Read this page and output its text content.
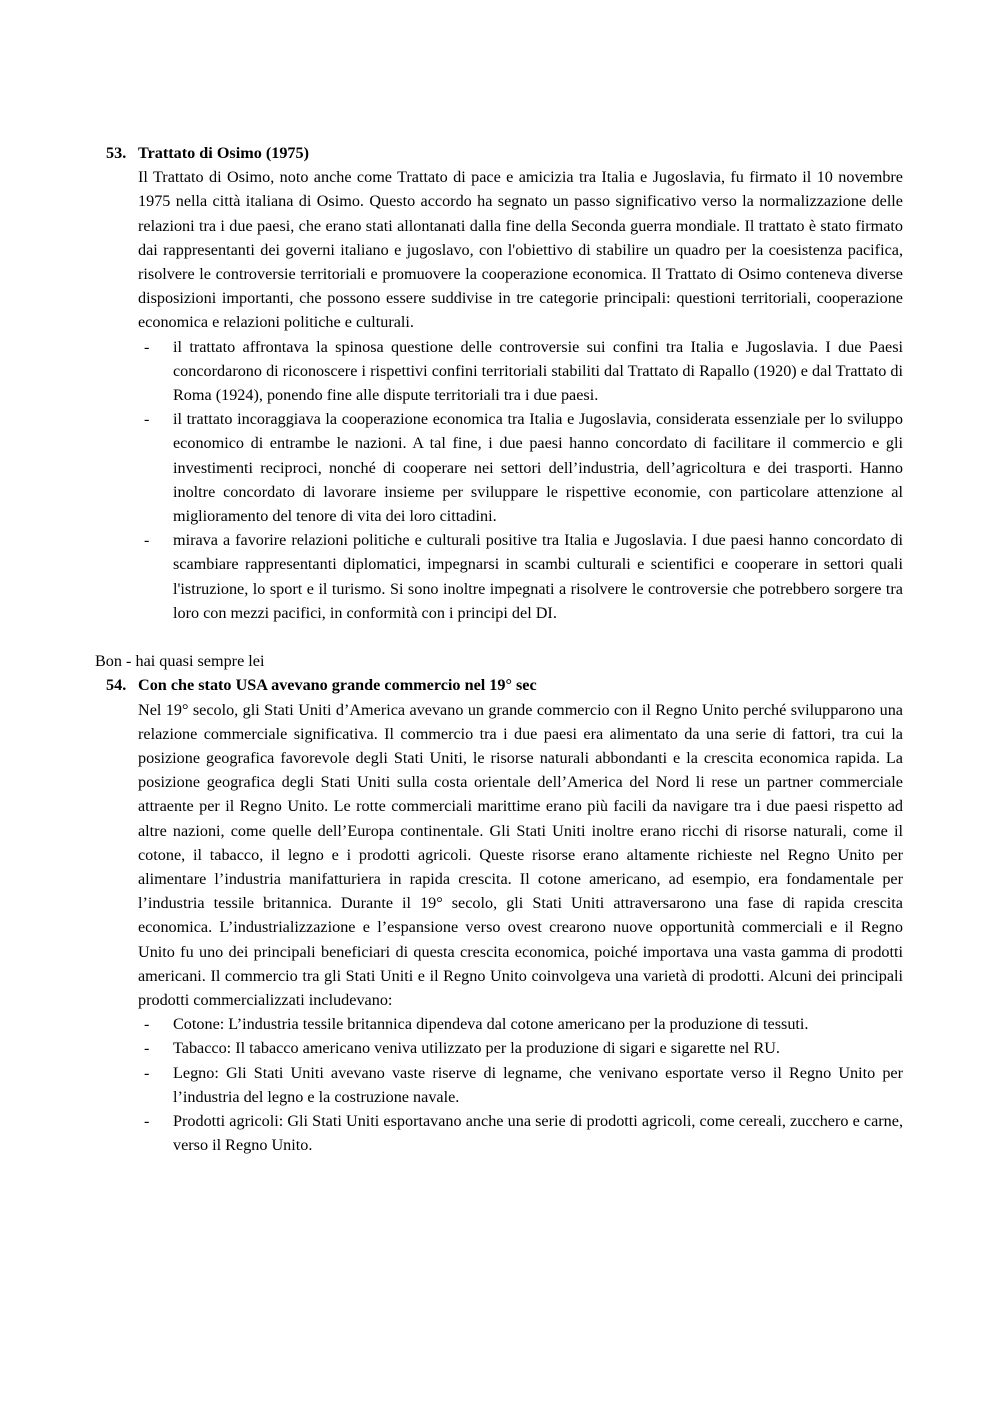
53. Trattato di Osimo (1975)

Il Trattato di Osimo, noto anche come Trattato di pace e amicizia tra Italia e Jugoslavia, fu firmato il 10 novembre 1975 nella città italiana di Osimo. Questo accordo ha segnato un passo significativo verso la normalizzazione delle relazioni tra i due paesi, che erano stati allontanati dalla fine della Seconda guerra mondiale. Il trattato è stato firmato dai rappresentanti dei governi italiano e jugoslavo, con l'obiettivo di stabilire un quadro per la coesistenza pacifica, risolvere le controversie territoriali e promuovere la cooperazione economica. Il Trattato di Osimo conteneva diverse disposizioni importanti, che possono essere suddivise in tre categorie principali: questioni territoriali, cooperazione economica e relazioni politiche e culturali.

- il trattato affrontava la spinosa questione delle controversie sui confini tra Italia e Jugoslavia. I due Paesi concordarono di riconoscere i rispettivi confini territoriali stabiliti dal Trattato di Rapallo (1920) e dal Trattato di Roma (1924), ponendo fine alle dispute territoriali tra i due paesi.
- il trattato incoraggiava la cooperazione economica tra Italia e Jugoslavia, considerata essenziale per lo sviluppo economico di entrambe le nazioni. A tal fine, i due paesi hanno concordato di facilitare il commercio e gli investimenti reciproci, nonché di cooperare nei settori dell’industria, dell’agricoltura e dei trasporti. Hanno inoltre concordato di lavorare insieme per sviluppare le rispettive economie, con particolare attenzione al miglioramento del tenore di vita dei loro cittadini.
- mirava a favorire relazioni politiche e culturali positive tra Italia e Jugoslavia. I due paesi hanno concordato di scambiare rappresentanti diplomatici, impegnarsi in scambi culturali e scientifici e cooperare in settori quali l'istruzione, lo sport e il turismo. Si sono inoltre impegnati a risolvere le controversie che potrebbero sorgere tra loro con mezzi pacifici, in conformità con i principi del DI.

Bon - hai quasi sempre lei

54. Con che stato USA avevano grande commercio nel 19° sec

Nel 19° secolo, gli Stati Uniti d’America avevano un grande commercio con il Regno Unito perché svilupparono una relazione commerciale significativa. Il commercio tra i due paesi era alimentato da una serie di fattori, tra cui la posizione geografica favorevole degli Stati Uniti, le risorse naturali abbondanti e la crescita economica rapida. La posizione geografica degli Stati Uniti sulla costa orientale dell’America del Nord li rese un partner commerciale attraente per il Regno Unito. Le rotte commerciali marittime erano più facili da navigare tra i due paesi rispetto ad altre nazioni, come quelle dell’Europa continentale. Gli Stati Uniti inoltre erano ricchi di risorse naturali, come il cotone, il tabacco, il legno e i prodotti agricoli. Queste risorse erano altamente richieste nel Regno Unito per alimentare l’industria manifatturiera in rapida crescita. Il cotone americano, ad esempio, era fondamentale per l’industria tessile britannica. Durante il 19° secolo, gli Stati Uniti attraversarono una fase di rapida crescita economica. L’industrializzazione e l’espansione verso ovest crearono nuove opportunità commerciali e il Regno Unito fu uno dei principali beneficiari di questa crescita economica, poiché importava una vasta gamma di prodotti americani. Il commercio tra gli Stati Uniti e il Regno Unito coinvolgeva una varietà di prodotti. Alcuni dei principali prodotti commercializzati includevano:

- Cotone: L’industria tessile britannica dipendeva dal cotone americano per la produzione di tessuti.
- Tabacco: Il tabacco americano veniva utilizzato per la produzione di sigari e sigarette nel RU.
- Legno: Gli Stati Uniti avevano vaste riserve di legname, che venivano esportate verso il Regno Unito per l’industria del legno e la costruzione navale.
- Prodotti agricoli: Gli Stati Uniti esportavano anche una serie di prodotti agricoli, come cereali, zucchero e carne, verso il Regno Unito.
